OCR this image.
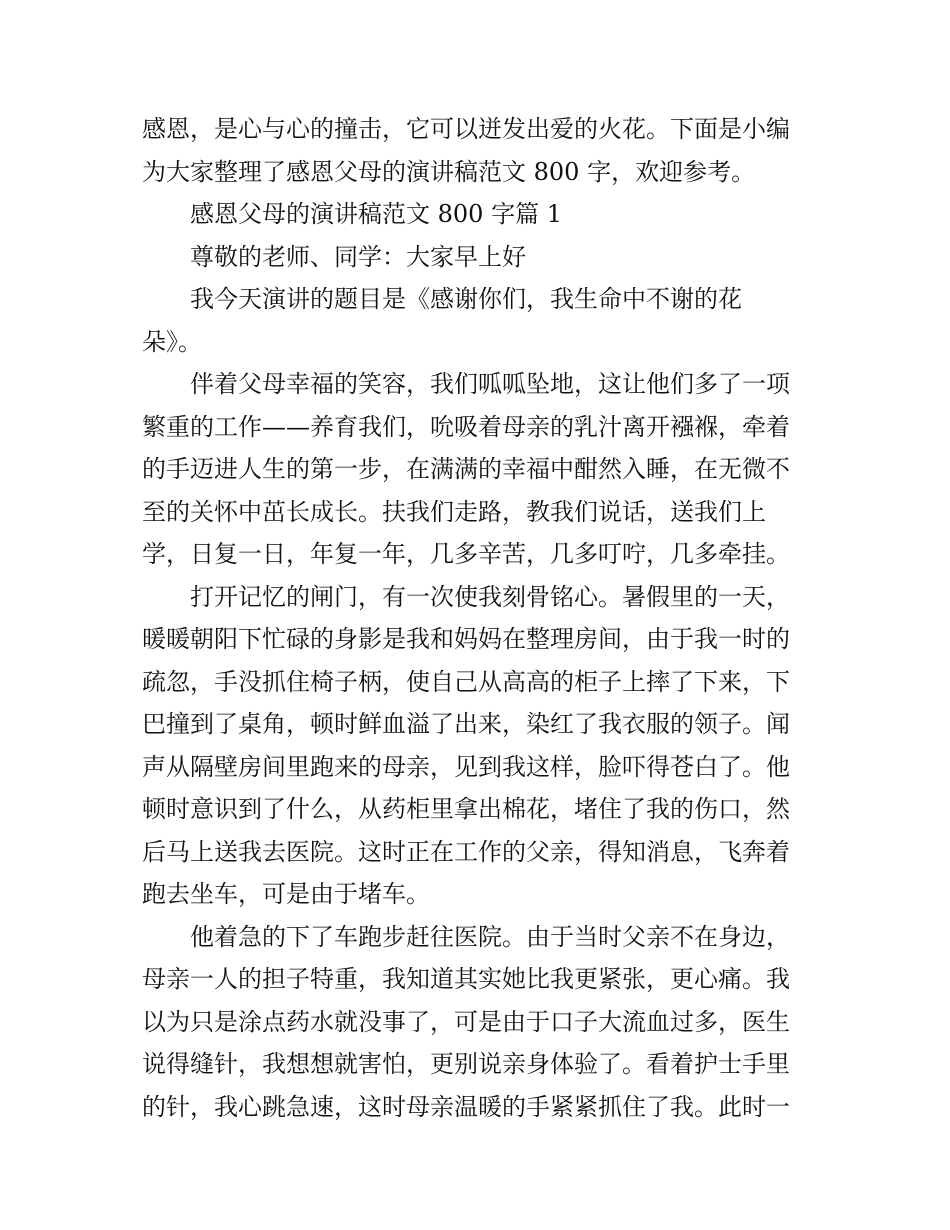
感恩，是心与心的撞击，它可以迸发出爱的火花。下面是小编
为大家整理了感恩父母的演讲稿范文 800 字，欢迎参考。
感恩父母的演讲稿范文 800 字篇 1
尊敬的老师、同学：大家早上好
我今天演讲的题目是《感谢你们，我生命中不谢的花
朵》。
伴着父母幸福的笑容，我们呱呱坠地，这让他们多了一项
繁重的工作——养育我们，吮吸着母亲的乳汁离开襁褓，牵着
的手迈进人生的第一步，在满满的幸福中酣然入睡，在无微不
至的关怀中茁长成长。扶我们走路，教我们说话，送我们上
学，日复一日，年复一年，几多辛苦，几多叮咛，几多牵挂。
打开记忆的闸门，有一次使我刻骨铭心。暑假里的一天，
暖暖朝阳下忙碌的身影是我和妈妈在整理房间，由于我一时的
疏忽，手没抓住椅子柄，使自己从高高的柜子上摔了下来，下
巴撞到了桌角，顿时鲜血溢了出来，染红了我衣服的领子。闻
声从隔壁房间里跑来的母亲，见到我这样，脸吓得苍白了。他
顿时意识到了什么，从药柜里拿出棉花，堵住了我的伤口，然
后马上送我去医院。这时正在工作的父亲，得知消息，飞奔着
跑去坐车，可是由于堵车。
他着急的下了车跑步赶往医院。由于当时父亲不在身边，
母亲一人的担子特重，我知道其实她比我更紧张，更心痛。我
以为只是涂点药水就没事了，可是由于口子大流血过多，医生
说得缝针，我想想就害怕，更别说亲身体验了。看着护士手里
的针，我心跳急速，这时母亲温暖的手紧紧抓住了我。此时一
